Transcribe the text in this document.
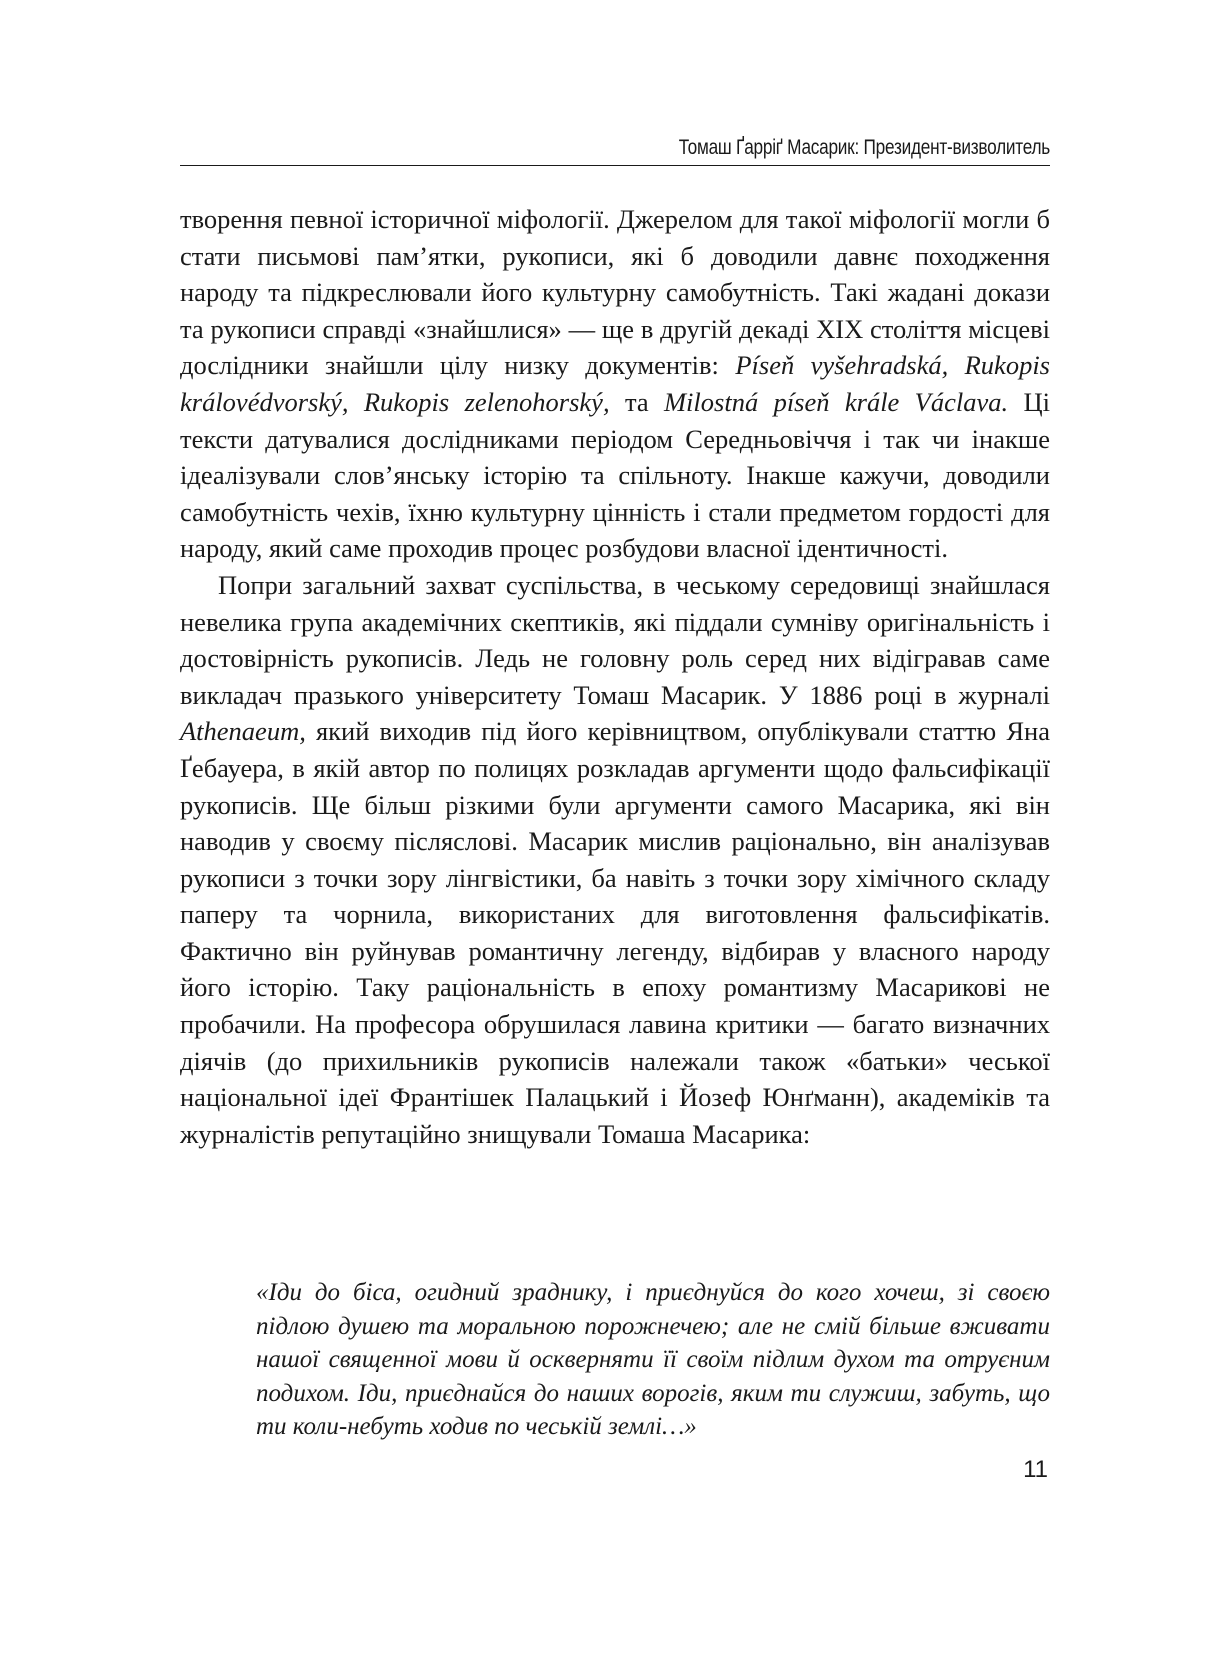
Томаш Ґарріґ Масарик: Президент-визволитель

творення певної історичної міфології. Джерелом для такої міфології могли б стати письмові пам’ятки, рукописи, які б доводили давнє походження народу та підкреслювали його культурну самобутність. Такі жадані докази та рукописи справді «знайшлися» — ще в другій декаді XIX століття місцеві дослідники знайшли цілу низку документів: Píseň vyšehradská, Rukopis královédvorský, Rukopis zelenohorský, та Milostná píseň krále Václava. Ці тексти датувалися дослідниками періодом Середньовіччя і так чи інакше ідеалізували слов’янську історію та спільноту. Інакше кажучи, доводили самобутність чехів, їхню культурну цінність і стали предметом гордості для народу, який саме проходив процес розбудови власної ідентичності.

Попри загальний захват суспільства, в чеському середовищі знайшлася невелика група академічних скептиків, які піддали сумніву оригінальність і достовірність рукописів. Ледь не головну роль серед них відігравав саме викладач празького університету Томаш Масарик. У 1886 році в журналі Athenaeum, який виходив під його керівництвом, опублікували статтю Яна Ґебауера, в якій автор по полицях розкладав аргументи щодо фальсифікації рукописів. Ще більш різкими були аргументи самого Масарика, які він наводив у своєму післяслові. Масарик мислив раціонально, він аналізував рукописи з точки зору лінгвістики, ба навіть з точки зору хімічного складу паперу та чорнила, використаних для виготовлення фальсифікатів. Фактично він руйнував романтичну легенду, відбирав у власного народу його історію. Таку раціональність в епоху романтизму Масарикові не пробачили. На професора обрушилася лавина критики — багато визначних діячів (до прихильників рукописів належали також «батьки» чеської національної ідеї Франтішек Палацький і Йозеф Юнґманн), академіків та журналістів репутаційно знищували Томаша Масарика:

«Іди до біса, огидний зраднику, і приєднуйся до кого хочеш, зі своєю підлою душею та моральною порожнечею; але не смій більше вживати нашої священної мови й оскверняти її своїм підлим духом та отруєним подихом. Іди, приєднайся до наших ворогів, яким ти служиш, забуть, що ти коли-небуть ходив по чеській землі…»

11
